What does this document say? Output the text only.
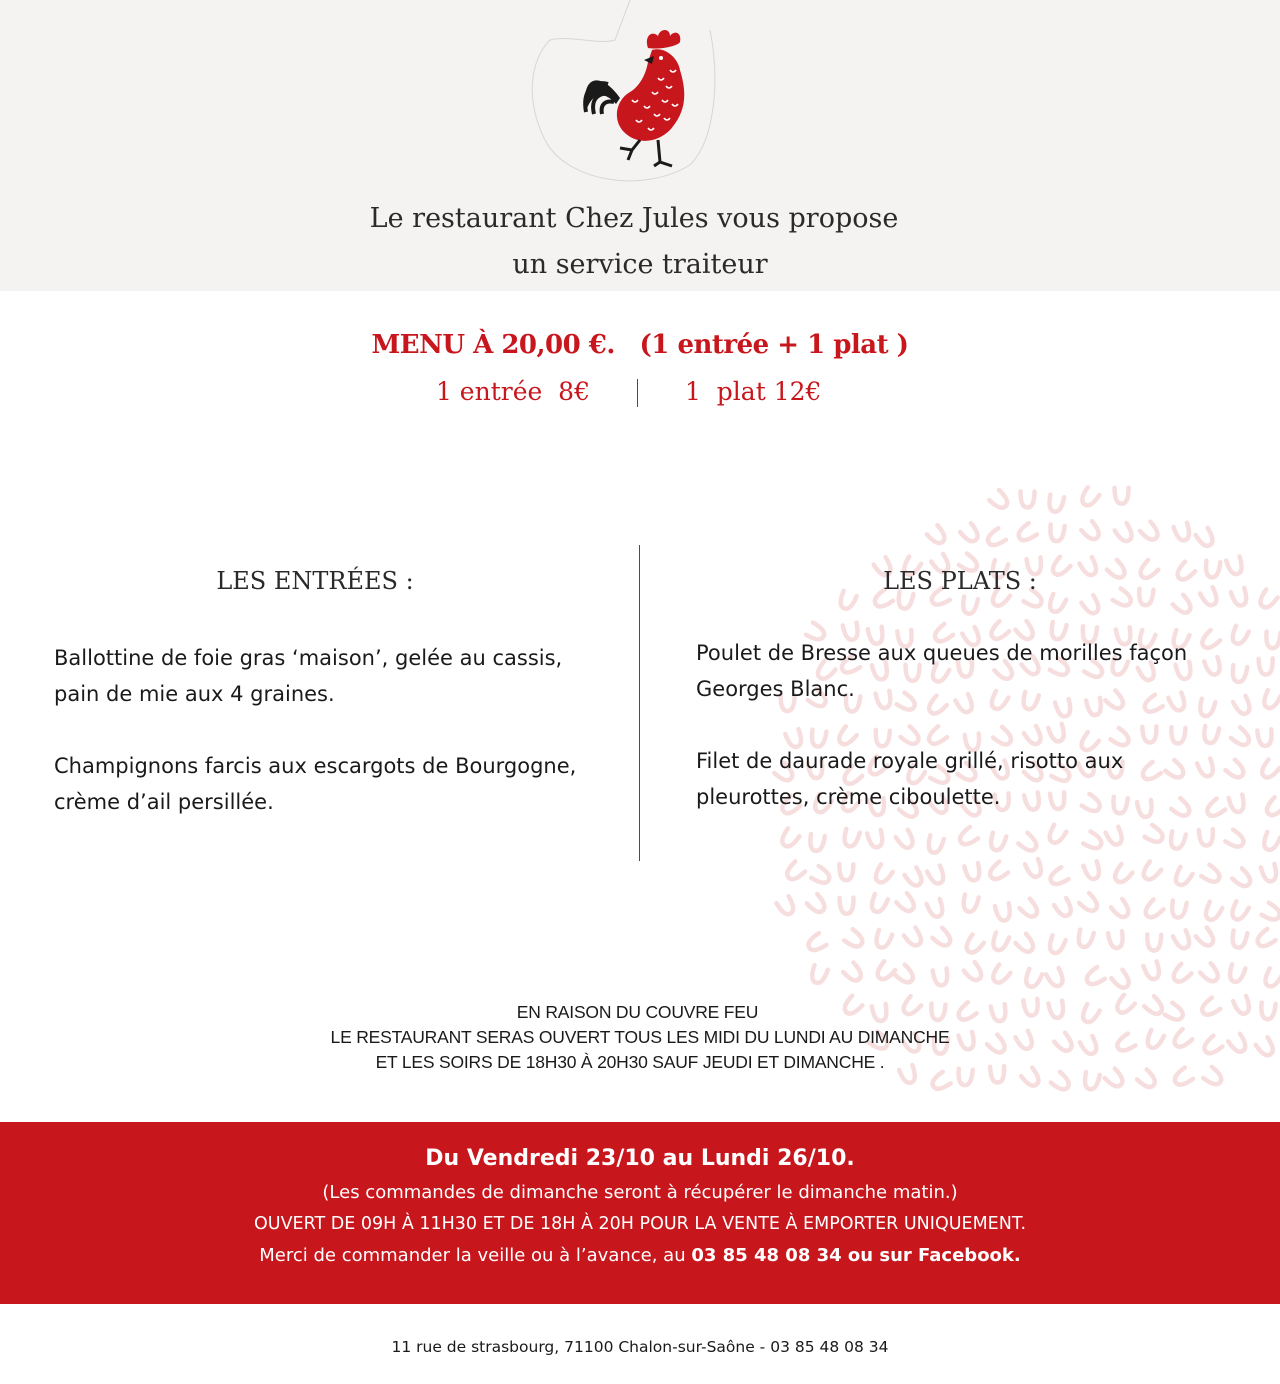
Le restaurant Chez Jules vous propose
un service traiteur
MENU À 20,00 €. (1 entrée + 1 plat )
1 entrée  8€	1  plat 12€
LES ENTRÉES :	LES PLATS :
Ballottine de foie gras ‘maison’, gelée au cassis,
pain de mie aux 4 graines.
Champignons farcis aux escargots de Bourgogne,
crème d’ail persillée.
Poulet de Bresse aux queues de morilles façon
Georges Blanc.
Filet de daurade royale grillé, risotto aux
pleurottes, crème ciboulette.
EN RAISON DU COUVRE FEU
LE RESTAURANT SERAS OUVERT TOUS LES MIDI DU LUNDI AU DIMANCHE
ET LES SOIRS DE 18H30 À 20H30 SAUF JEUDI ET DIMANCHE .
Du Vendredi 23/10 au Lundi 26/10.
(Les commandes de dimanche seront à récupérer le dimanche matin.)
OUVERT DE 09H À 11H30 ET DE 18H À 20H POUR LA VENTE À EMPORTER UNIQUEMENT.
Merci de commander la veille ou à l’avance, au 03 85 48 08 34 ou sur Facebook.
11 rue de strasbourg, 71100 Chalon-sur-Saône - 03 85 48 08 34
